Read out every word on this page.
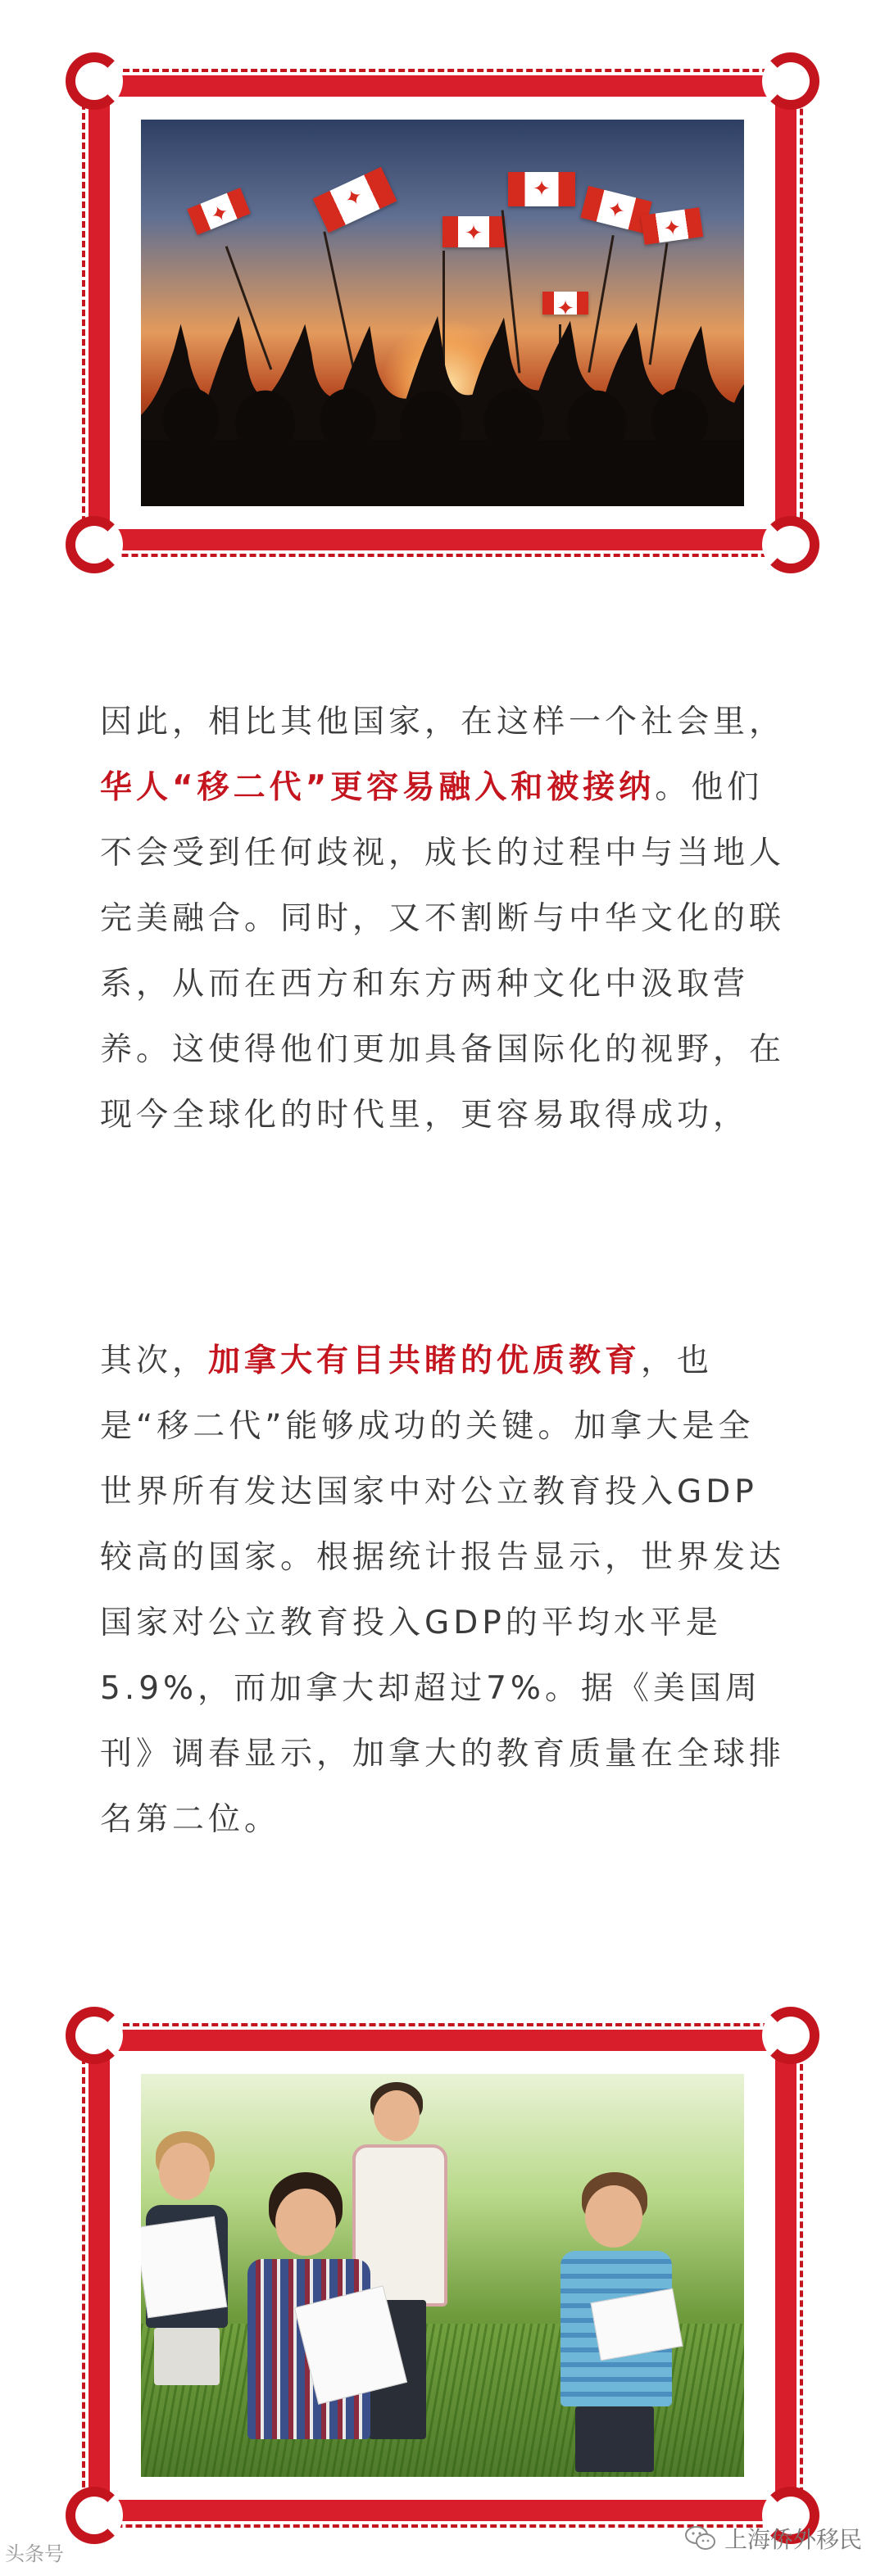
✦
✦
✦
✦
✦
✦
✦

因此，相比其他国家，在这样一个社会里，华人“移二代”更容易融入和被接纳。他们不会受到任何歧视，成长的过程中与当地人完美融合。同时，又不割断与中华文化的联系，从而在西方和东方两种文化中汲取营养。这使得他们更加具备国际化的视野，在现今全球化的时代里，更容易取得成功，

其次，加拿大有目共睹的优质教育，也是“移二代”能够成功的关键。加拿大是全世界所有发达国家中对公立教育投入GDP较高的国家。根据统计报告显示，世界发达国家对公立教育投入GDP的平均水平是5.9%，而加拿大却超过7%。据《美国周刊》调春显示，加拿大的教育质量在全球排名第二位。

头条号
上海侨外移民
